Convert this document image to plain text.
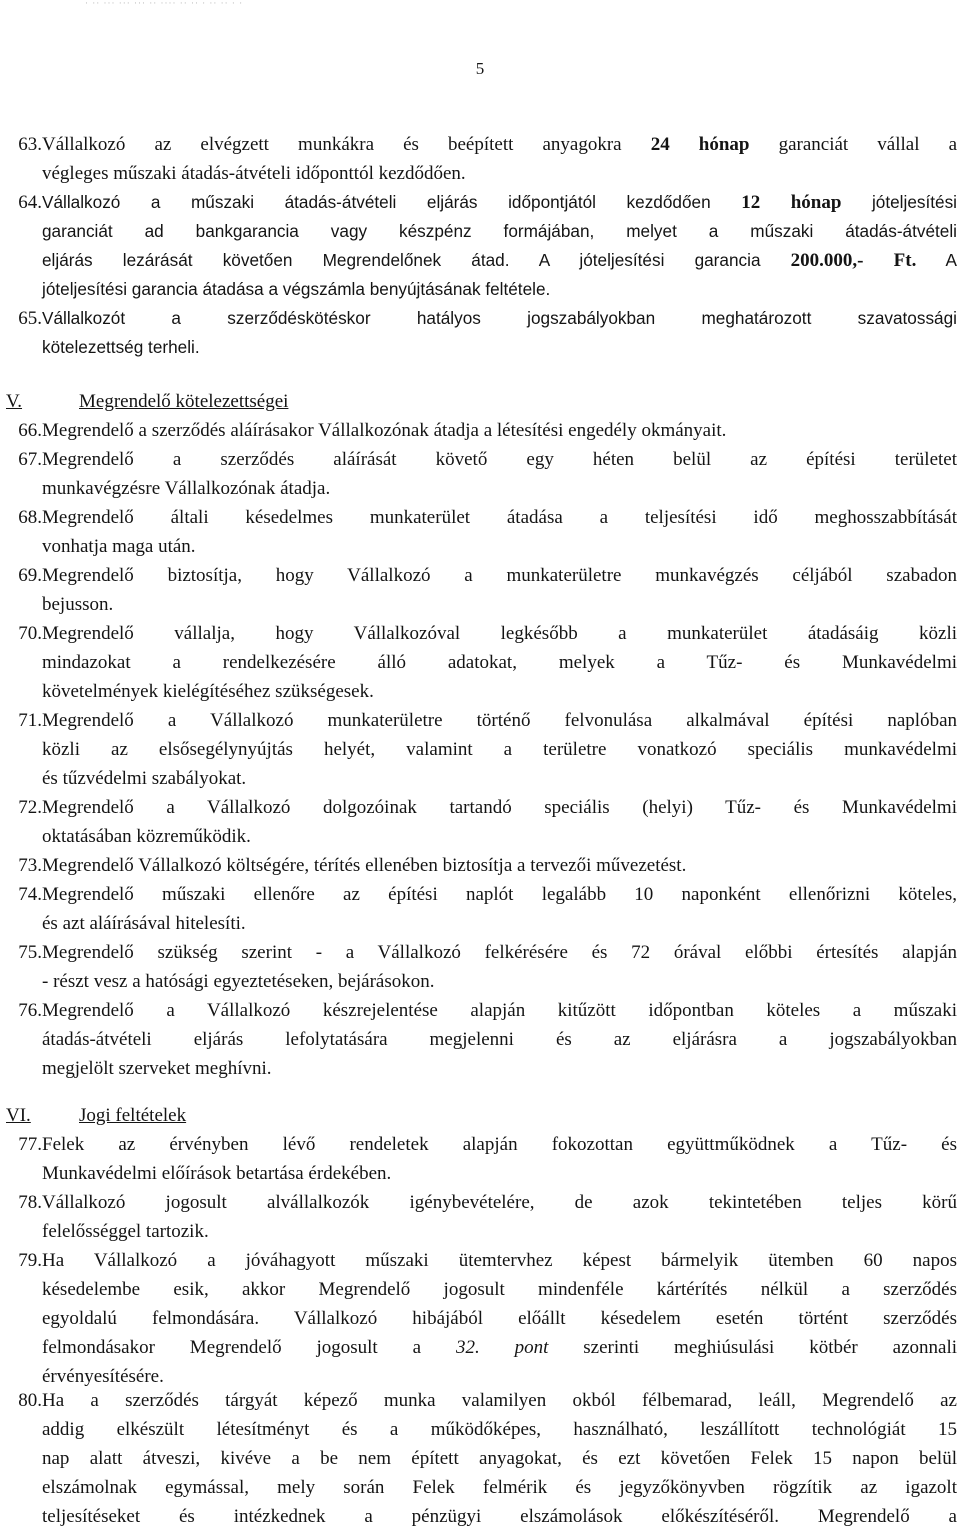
· ·· ··· ··· ··· ·· ···· ·· ·· · ·· ·· · ·
5
63. Vállalkozó az elvégzett munkákra és beépített anyagokra 24 hónap garanciát vállal a
végleges műszaki átadás-átvételi időponttól kezdődően.
64. Vállalkozó a műszaki átadás-átvételi eljárás időpontjától kezdődően 12 hónap jóteljesítési
garanciát ad bankgarancia vagy készpénz formájában, melyet a műszaki átadás-átvételi
eljárás lezárását követően Megrendelőnek átad. A jóteljesítési garancia 200.000,- Ft. A
jóteljesítési garancia átadása a végszámla benyújtásának feltétele.
65. Vállalkozót a szerződéskötéskor hatályos jogszabályokban meghatározott szavatossági
kötelezettség terheli.
V.	Megrendelő kötelezettségei
66. Megrendelő a szerződés aláírásakor Vállalkozónak átadja a létesítési engedély okmányait.
67. Megrendelő a szerződés aláírását követő egy héten belül az építési területet
munkavégzésre Vállalkozónak átadja.
68. Megrendelő általi késedelmes munkaterület átadása a teljesítési idő meghosszabbítását
vonhatja maga után.
69. Megrendelő biztosítja, hogy Vállalkozó a munkaterületre munkavégzés céljából szabadon
bejusson.
70. Megrendelő vállalja, hogy Vállalkozóval legkésőbb a munkaterület átadásáig közli
mindazokat a rendelkezésére álló adatokat, melyek a Tűz- és Munkavédelmi
követelmények kielégítéséhez szükségesek.
71. Megrendelő a Vállalkozó munkaterületre történő felvonulása alkalmával építési naplóban
közli az elsősegélynyújtás helyét, valamint a területre vonatkozó speciális munkavédelmi
és tűzvédelmi szabályokat.
72. Megrendelő a Vállalkozó dolgozóinak tartandó speciális (helyi) Tűz- és Munkavédelmi
oktatásában közreműködik.
73. Megrendelő Vállalkozó költségére, térítés ellenében biztosítja a tervezői művezetést.
74. Megrendelő műszaki ellenőre az építési naplót legalább 10 naponként ellenőrizni köteles,
és azt aláírásával hitelesíti.
75. Megrendelő szükség szerint - a Vállalkozó felkérésére és 72 órával előbbi értesítés alapján
- részt vesz a hatósági egyeztetéseken, bejárásokon.
76. Megrendelő a Vállalkozó készrejelentése alapján kitűzött időpontban köteles a műszaki
átadás-átvételi eljárás lefolytatására megjelenni és az eljárásra a jogszabályokban
megjelölt szerveket meghívni.
VI.	Jogi feltételek
77. Felek az érvényben lévő rendeletek alapján fokozottan együttműködnek a Tűz- és
Munkavédelmi előírások betartása érdekében.
78. Vállalkozó jogosult alvállalkozók igénybevételére, de azok tekintetében teljes körű
felelősséggel tartozik.
79. Ha Vállalkozó a jóváhagyott műszaki ütemtervhez képest bármelyik ütemben 60 napos
késedelembe esik, akkor Megrendelő jogosult mindenféle kártérítés nélkül a szerződés
egyoldalú felmondására. Vállalkozó hibájából előállt késedelem esetén történt szerződés
felmondásakor Megrendelő jogosult a 32. pont szerinti meghiúsulási kötbér azonnali
érvényesítésére.
80. Ha a szerződés tárgyát képező munka valamilyen okból félbemarad, leáll, Megrendelő az
addig elkészült létesítményt és a működőképes, használható, leszállított technológiát 15
nap alatt átveszi, kivéve a be nem épített anyagokat, és ezt követően Felek 15 napon belül
elszámolnak egymással, mely során Felek felmérik és jegyzőkönyvben rögzítik az igazolt
teljesítéseket és intézkednek a pénzügyi elszámolások előkészítéséről. Megrendelő a
